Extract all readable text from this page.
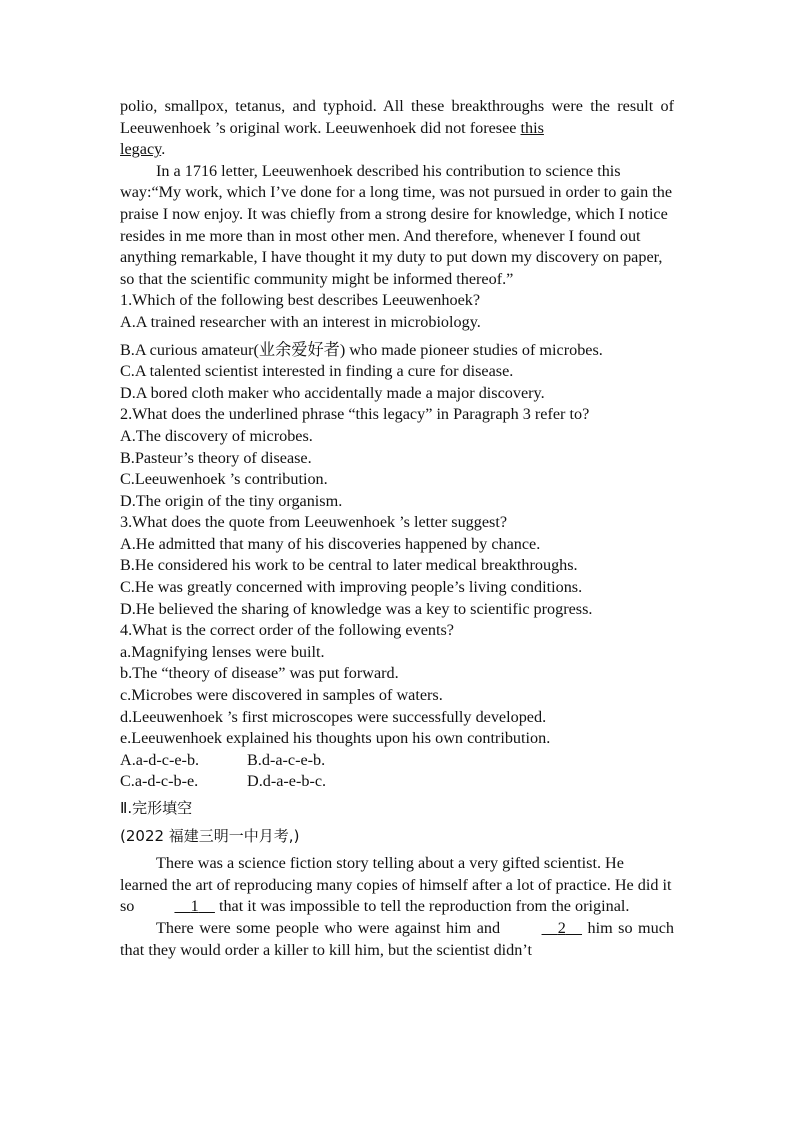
polio, smallpox, tetanus, and typhoid. All these breakthroughs were the result of Leeuwenhoek ’s original work. Leeuwenhoek did not foresee this
legacy.

In a 1716 letter, Leeuwenhoek described his contribution to science this way:“My work, which I’ve done for a long time, was not pursued in order to gain the praise I now enjoy. It was chiefly from a strong desire for knowledge, which I notice resides in me more than in most other men. And therefore, whenever I found out anything remarkable, I have thought it my duty to put down my discovery on paper, so that the scientific community might be informed thereof.”

1.Which of the following best describes Leeuwenhoek?

A.A trained researcher with an interest in microbiology.

B.A curious amateur(业余爱好者) who made pioneer studies of microbes.

C.A talented scientist interested in finding a cure for disease.

D.A bored cloth maker who accidentally made a major discovery.

2.What does the underlined phrase “this legacy” in Paragraph 3 refer to?

A.The discovery of microbes.

B.Pasteur’s theory of disease.

C.Leeuwenhoek ’s contribution.

D.The origin of the tiny organism.

3.What does the quote from Leeuwenhoek ’s letter suggest?

A.He admitted that many of his discoveries happened by chance.

B.He considered his work to be central to later medical breakthroughs.

C.He was greatly concerned with improving people’s living conditions.

D.He believed the sharing of knowledge was a key to scientific progress.

4.What is the correct order of the following events?

a.Magnifying lenses were built.

b.The “theory of disease” was put forward.

c.Microbes were discovered in samples of waters.

d.Leeuwenhoek ’s first microscopes were successfully developed.

e.Leeuwenhoek explained his thoughts upon his own contribution.

A.a-d-c-e-b.	B.d-a-c-e-b.

C.a-d-c-b-e.	D.d-a-e-b-c.

Ⅱ.完形填空

(2022 福建三明一中月考,)

There was a science fiction story telling about a very gifted scientist. He learned the art of reproducing many copies of himself after a lot of practice. He did it so	1     that it was impossible to tell the reproduction from the original.

There were some people who were against him and	2     him so much that they would order a killer to kill him, but the scientist didn’t
